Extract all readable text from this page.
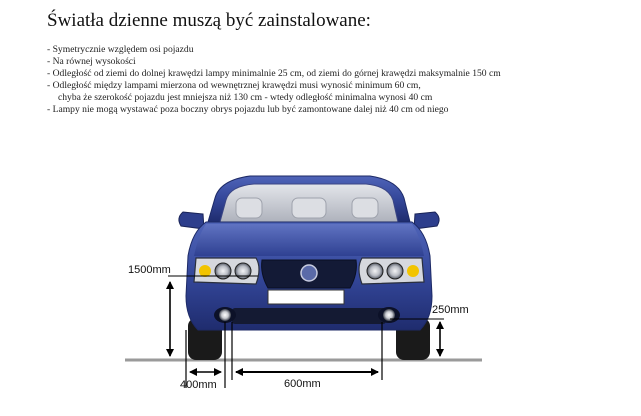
Światła dzienne muszą być zainstalowane:
- Symetrycznie względem osi pojazdu
- Na równej wysokości
- Odległość od ziemi do dolnej krawędzi lampy minimalnie 25 cm, od ziemi do górnej krawędzi maksymalnie 150 cm
- Odległość między lampami mierzona od wewnętrznej krawędzi musi wynosić minimum 60 cm,
chyba że szerokość pojazdu jest mniejsza niż 130 cm - wtedy odległość minimalna wynosi 40 cm
- Lampy nie mogą wystawać poza boczny obrys pojazdu lub być zamontowane dalej niż 40 cm od niego
1500mm
250mm
400mm	600mm
